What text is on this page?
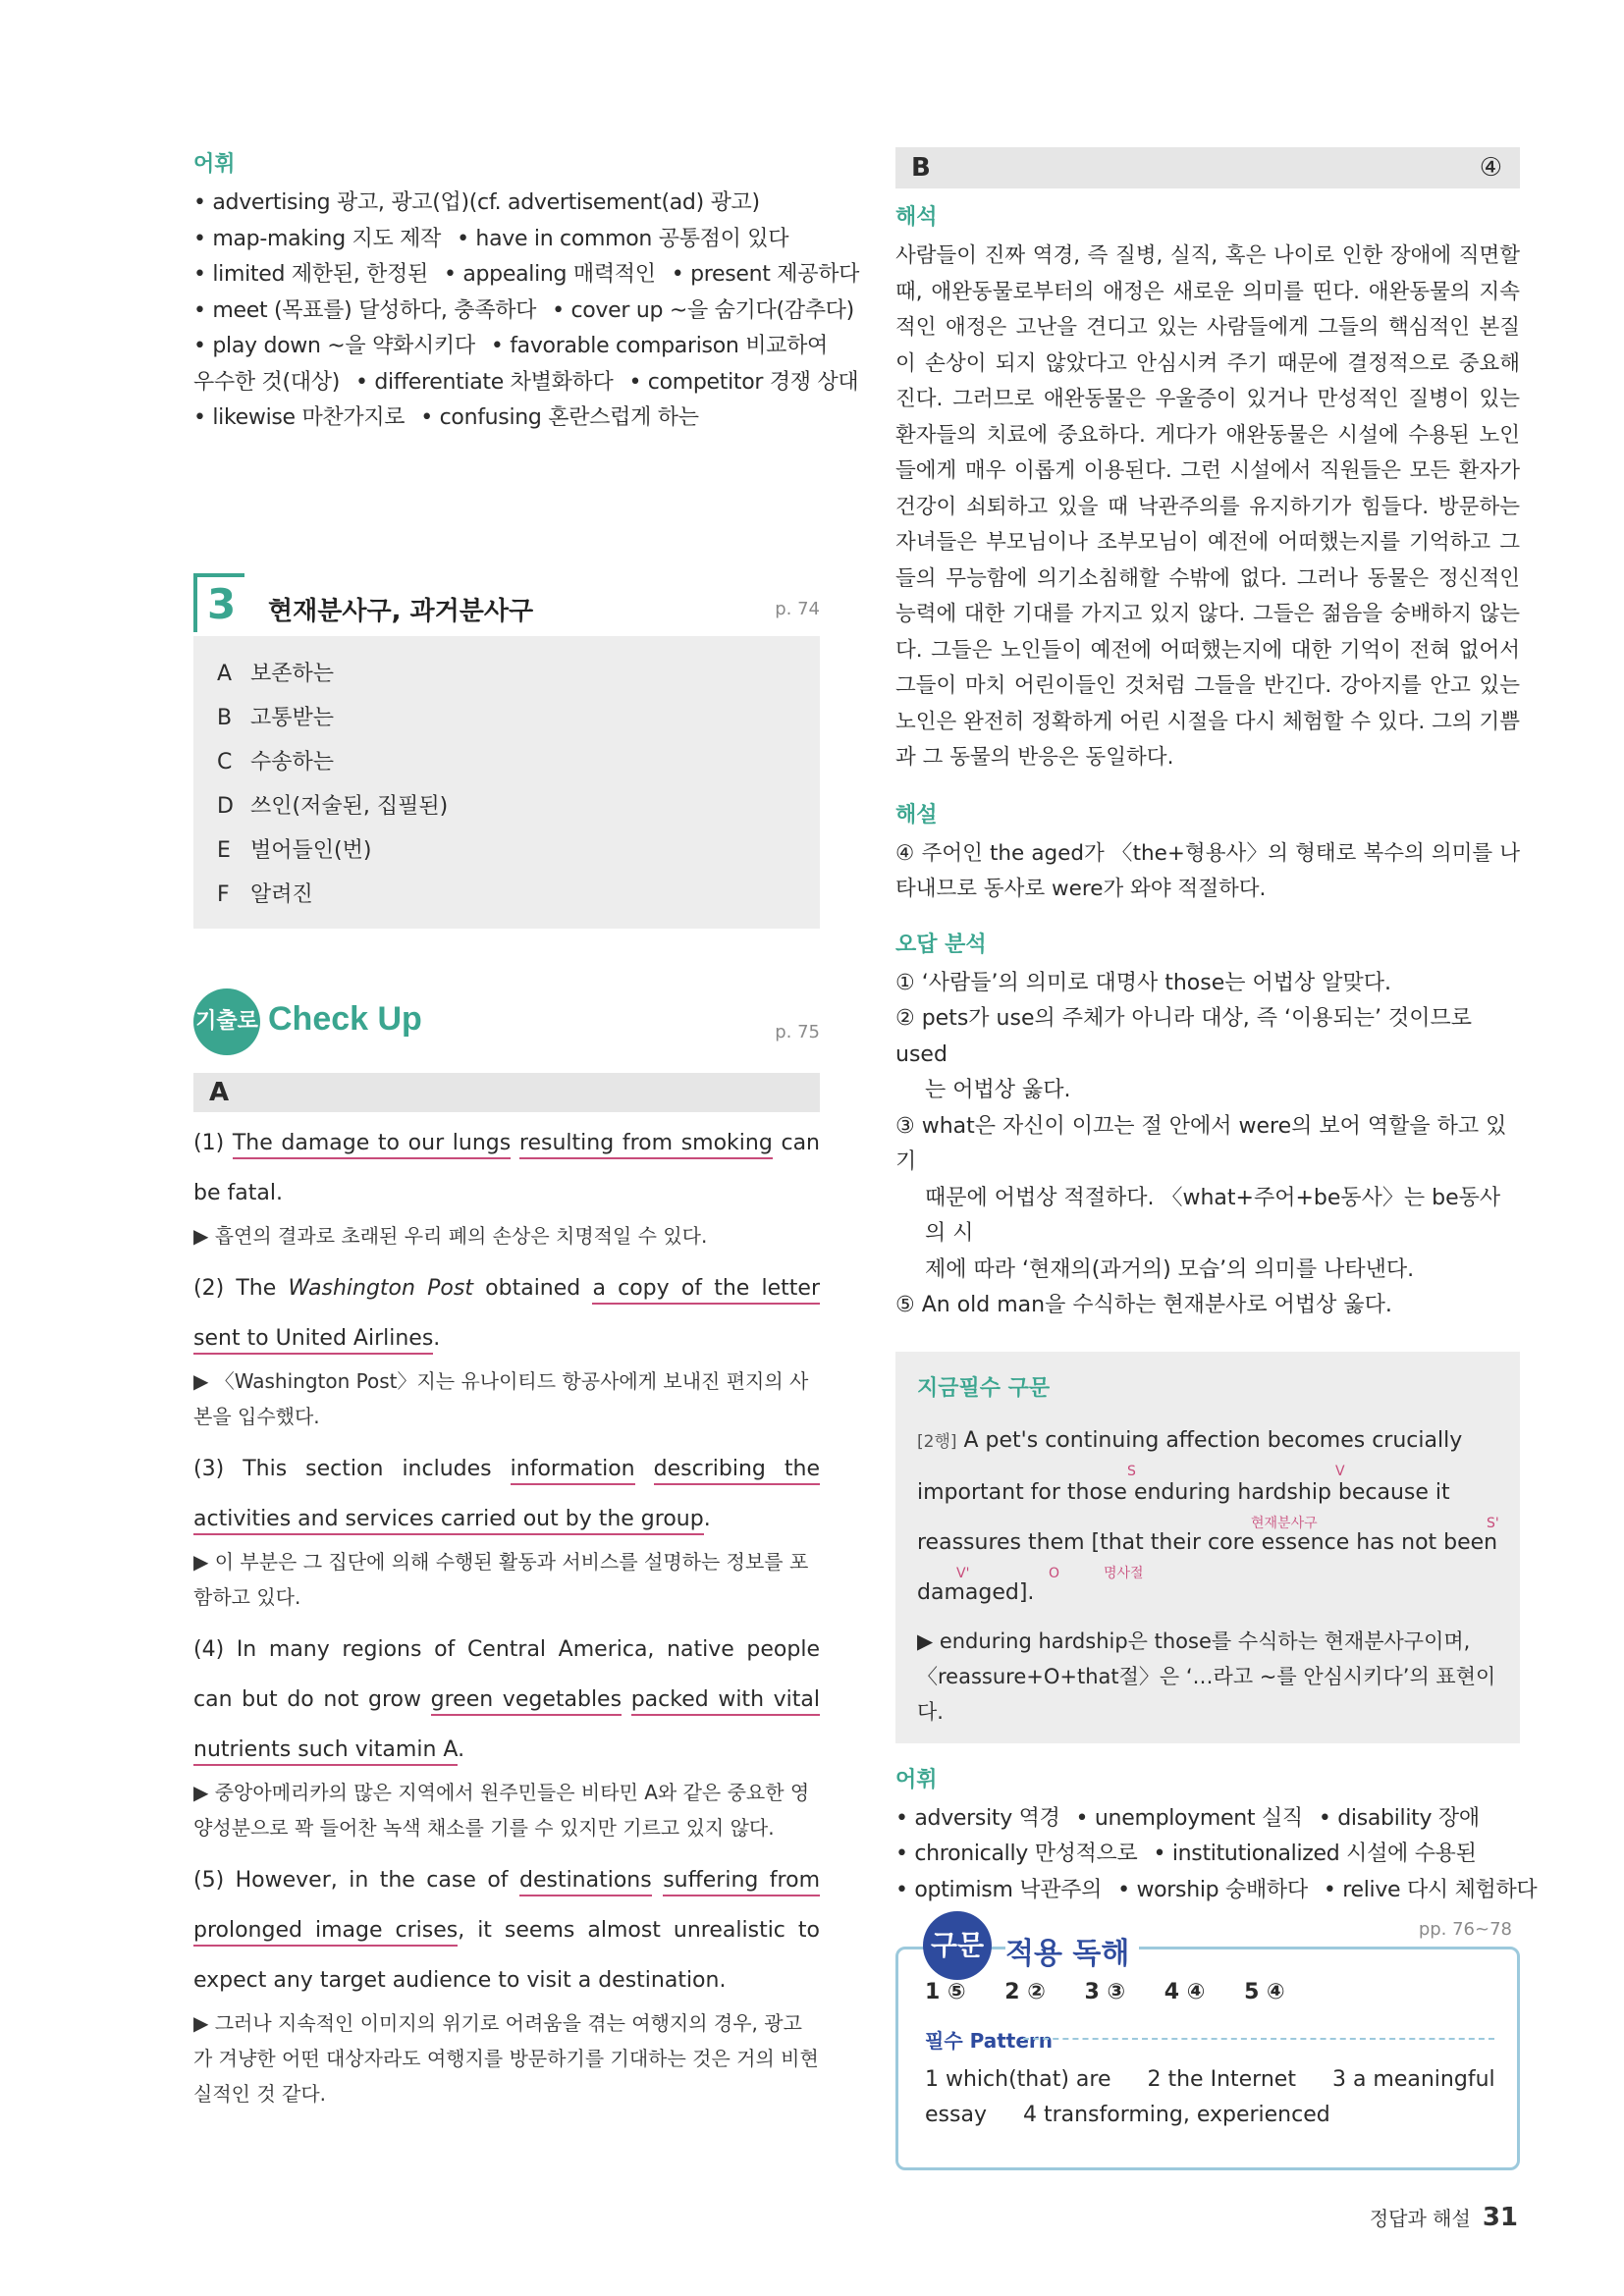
어휘
• advertising 광고, 광고(업)(cf. advertisement(ad) 광고)
• map-making 지도 제작 • have in common 공통점이 있다
• limited 제한된, 한정된 • appealing 매력적인 • present 제공하다
• meet (목표를) 달성하다, 충족하다 • cover up ~을 숨기다(감추다)
• play down ~을 약화시키다 • favorable comparison 비교하여
우수한 것(대상) • differentiate 차별화하다 • competitor 경쟁 상대
• likewise 마찬가지로 • confusing 혼란스럽게 하는
3	현재분사구, 과거분사구	p. 74
A 보존하는
B 고통받는
C 수송하는
D 쓰인(저술된, 집필된)
E 벌어들인(번)
F 알려진
기출로 Check Up	p. 75
A
(1) The damage to our lungs resulting from smoking can be fatal.
▶ 흡연의 결과로 초래된 우리 폐의 손상은 치명적일 수 있다.
(2) The Washington Post obtained a copy of the letter sent to United Airlines.
▶ 〈Washington Post〉지는 유나이티드 항공사에게 보내진 편지의 사본을 입수했다.
(3) This section includes information describing the activities and services carried out by the group.
▶ 이 부분은 그 집단에 의해 수행된 활동과 서비스를 설명하는 정보를 포함하고 있다.
(4) In many regions of Central America, native people can but do not grow green vegetables packed with vital nutrients such vitamin A.
▶ 중앙아메리카의 많은 지역에서 원주민들은 비타민 A와 같은 중요한 영양성분으로 꽉 들어찬 녹색 채소를 기를 수 있지만 기르고 있지 않다.
(5) However, in the case of destinations suffering from prolonged image crises, it seems almost unrealistic to expect any target audience to visit a destination.
▶ 그러나 지속적인 이미지의 위기로 어려움을 겪는 여행지의 경우, 광고가 겨냥한 어떤 대상자라도 여행지를 방문하기를 기대하는 것은 거의 비현실적인 것 같다.
B	④
해석
사람들이 진짜 역경, 즉 질병, 실직, 혹은 나이로 인한 장애에 직면할 때, 애완동물로부터의 애정은 새로운 의미를 띤다. 애완동물의 지속적인 애정은 고난을 견디고 있는 사람들에게 그들의 핵심적인 본질이 손상이 되지 않았다고 안심시켜 주기 때문에 결정적으로 중요해진다. 그러므로 애완동물은 우울증이 있거나 만성적인 질병이 있는 환자들의 치료에 중요하다. 게다가 애완동물은 시설에 수용된 노인들에게 매우 이롭게 이용된다. 그런 시설에서 직원들은 모든 환자가 건강이 쇠퇴하고 있을 때 낙관주의를 유지하기가 힘들다. 방문하는 자녀들은 부모님이나 조부모님이 예전에 어떠했는지를 기억하고 그들의 무능함에 의기소침해할 수밖에 없다. 그러나 동물은 정신적인 능력에 대한 기대를 가지고 있지 않다. 그들은 젊음을 숭배하지 않는다. 그들은 노인들이 예전에 어떠했는지에 대한 기억이 전혀 없어서 그들이 마치 어린이들인 것처럼 그들을 반긴다. 강아지를 안고 있는 노인은 완전히 정확하게 어린 시절을 다시 체험할 수 있다. 그의 기쁨과 그 동물의 반응은 동일하다.
해설
④ 주어인 the aged가 〈the+형용사〉의 형태로 복수의 의미를 나타내므로 동사로 were가 와야 적절하다.
오답 분석
① ‘사람들’의 의미로 대명사 those는 어법상 알맞다.
② pets가 use의 주체가 아니라 대상, 즉 ‘이용되는’ 것이므로 used
는 어법상 옳다.
③ what은 자신이 이끄는 절 안에서 were의 보어 역할을 하고 있기
때문에 어법상 적절하다. 〈what+주어+be동사〉는 be동사의 시
제에 따라 ‘현재의(과거의) 모습’의 의미를 나타낸다.
⑤ An old man을 수식하는 현재분사로 어법상 옳다.
지금필수 구문
[2행] A pet's continuing affection becomes crucially
S	V
important for those enduring hardship because it
현재분사구	S'
reassures them [that their core essence has not been
V'	O	명사절
damaged].
▶ enduring hardship은 those를 수식하는 현재분사구이며,
〈reassure+O+that절〉은 ‘…라고 ~를 안심시키다’의 표현이다.
어휘
• adversity 역경 • unemployment 실직 • disability 장애
• chronically 만성적으로 • institutionalized 시설에 수용된
• optimism 낙관주의 • worship 숭배하다 • relive 다시 체험하다
구문 적용 독해
pp. 76~78
1 ⑤ 2 ② 3 ③ 4 ④ 5 ④
필수 Pattern
1 which(that) are 2 the Internet 3 a meaningful essay 4 transforming, experienced
정답과 해설 31
